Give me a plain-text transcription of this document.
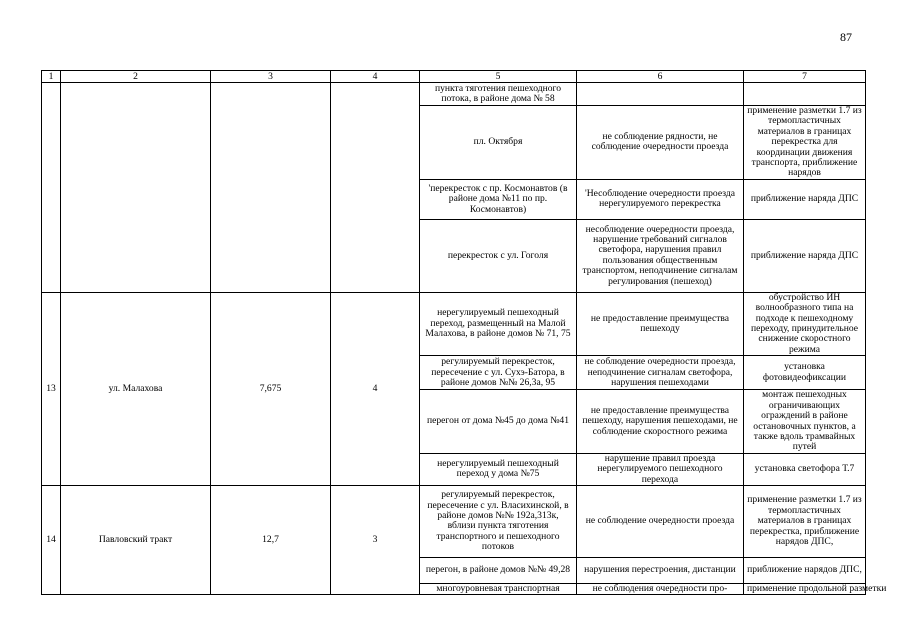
87
1	2	3	4	5	6	7
				пункта тяготения пешеходного потока, в районе дома № 58		
				пл. Октября	не соблюдение рядности, не соблюдение очередности проезда	применение разметки 1.7 из термопластичных материалов в границах перекрестка для координации движения транспорта, приближение нарядов
				'перекресток с пр. Космонавтов (в районе дома №11 по пр. Космонавтов)	'Несоблюдение очередности проезда нерегулируемого перекрестка	приближение наряда ДПС
				перекресток с ул. Гоголя	несоблюдение очередности проезда, нарушение требований сигналов светофора, нарушения правил пользования общественным транспортом, неподчинение сигналам регулирования (пешеход)	приближение наряда ДПС
13	ул. Малахова	7,675	4	нерегулируемый пешеходный переход, размещенный на Малой Малахова, в районе домов № 71, 75	не предоставление преимущества пешеходу	обустройство ИН волнообразного типа на подходе к пешеходному переходу, принудительное снижение скоростного режима
				регулируемый перекресток, пересечение с ул. Сухэ-Батора, в районе домов №№ 26,3а, 95	не соблюдение очередности проезда, неподчинение сигналам светофора, нарушения пешеходами	установка фотовидеофиксации
				перегон от дома №45 до дома №41	не предоставление преимущества пешеходу, нарушения пешеходами, не соблюдение скоростного режима	монтаж пешеходных ограничивающих ограждений в районе остановочных пунктов, а также вдоль трамвайных путей
				нерегулируемый пешеходный переход у дома №75	нарушение правил проезда нерегулируемого пешеходного перехода	установка светофора Т.7
14	Павловский тракт	12,7	3	регулируемый перекресток, пересечение с ул. Власихинской, в районе домов №№ 192а,313к, вблизи пункта тяготения транспортного и пешеходного потоков	не соблюдение очередности проезда	применение разметки 1.7 из термопластичных материалов в границах перекрестка, приближение нарядов ДПС,
				перегон, в районе домов №№ 49,28	нарушения перестроения, дистанции	приближение нарядов ДПС,
				многоуровневая транспортная	не соблюдения очередности про-	применение продольной разметки
